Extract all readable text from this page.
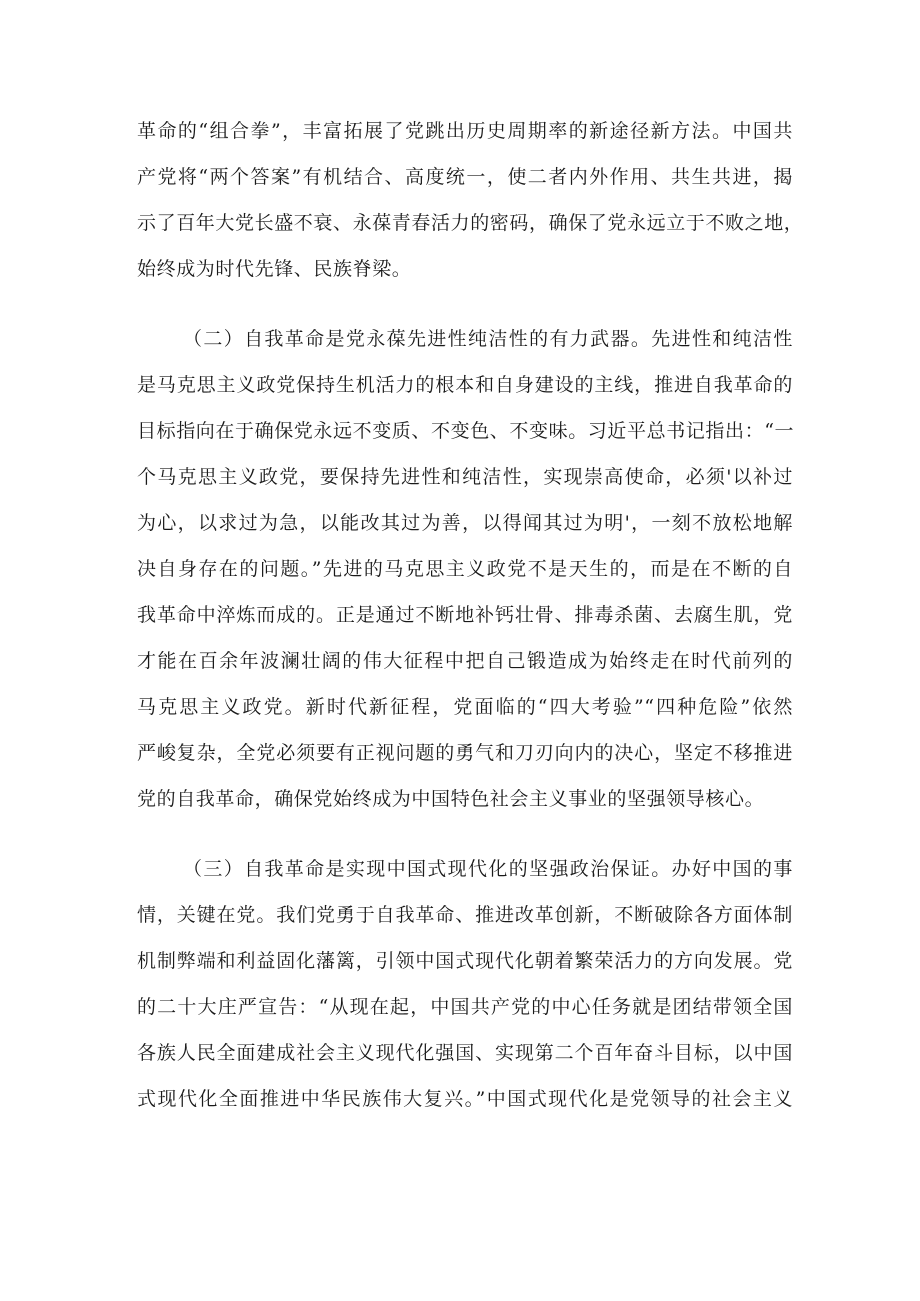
革命的“组合拳”，丰富拓展了党跳出历史周期率的新途径新方法。中国共
产党将“两个答案”有机结合、高度统一，使二者内外作用、共生共进，揭
示了百年大党长盛不衰、永葆青春活力的密码，确保了党永远立于不败之地，
始终成为时代先锋、民族脊梁。

（二）自我革命是党永葆先进性纯洁性的有力武器。先进性和纯洁性
是马克思主义政党保持生机活力的根本和自身建设的主线，推进自我革命的
目标指向在于确保党永远不变质、不变色、不变味。习近平总书记指出：“一
个马克思主义政党，要保持先进性和纯洁性，实现崇高使命，必须'以补过
为心，以求过为急，以能改其过为善，以得闻其过为明'，一刻不放松地解
决自身存在的问题。”先进的马克思主义政党不是天生的，而是在不断的自
我革命中淬炼而成的。正是通过不断地补钙壮骨、排毒杀菌、去腐生肌，党
才能在百余年波澜壮阔的伟大征程中把自己锻造成为始终走在时代前列的
马克思主义政党。新时代新征程，党面临的“四大考验”“四种危险”依然
严峻复杂，全党必须要有正视问题的勇气和刀刃向内的决心，坚定不移推进
党的自我革命，确保党始终成为中国特色社会主义事业的坚强领导核心。

（三）自我革命是实现中国式现代化的坚强政治保证。办好中国的事
情，关键在党。我们党勇于自我革命、推进改革创新，不断破除各方面体制
机制弊端和利益固化藩篱，引领中国式现代化朝着繁荣活力的方向发展。党
的二十大庄严宣告：“从现在起，中国共产党的中心任务就是团结带领全国
各族人民全面建成社会主义现代化强国、实现第二个百年奋斗目标，以中国
式现代化全面推进中华民族伟大复兴。”中国式现代化是党领导的社会主义
